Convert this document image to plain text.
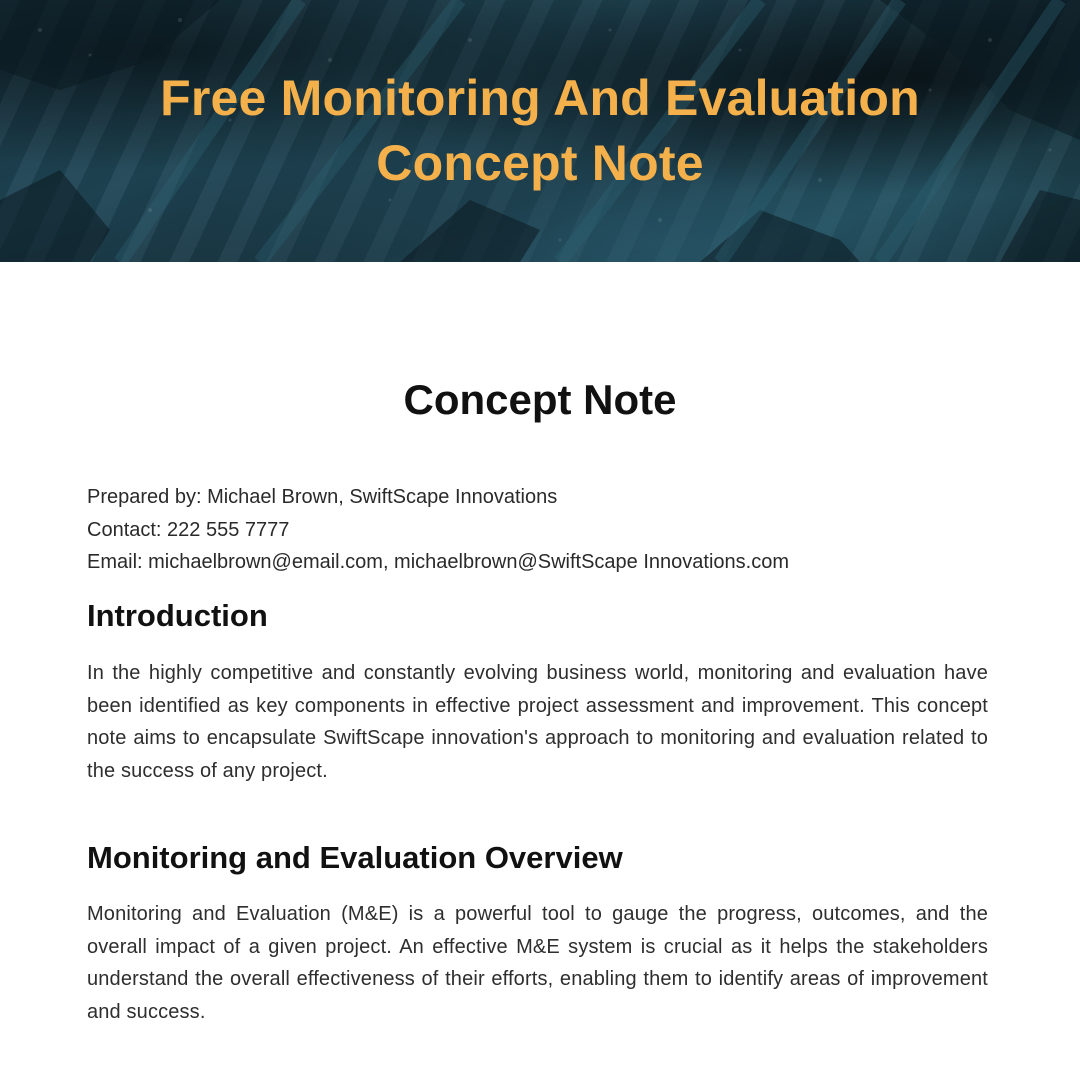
Free Monitoring And Evaluation
Concept Note
Concept Note
Prepared by: Michael Brown, SwiftScape Innovations
Contact: 222 555 7777
Email: michaelbrown@email.com, michaelbrown@SwiftScape Innovations.com
Introduction
In the highly competitive and constantly evolving business world, monitoring and evaluation have been identified as key components in effective project assessment and improvement. This concept note aims to encapsulate SwiftScape innovation's approach to monitoring and evaluation related to the success of any project.
Monitoring and Evaluation Overview
Monitoring and Evaluation (M&E) is a powerful tool to gauge the progress, outcomes, and the overall impact of a given project. An effective M&E system is crucial as it helps the stakeholders understand the overall effectiveness of their efforts, enabling them to identify areas of improvement and success.
